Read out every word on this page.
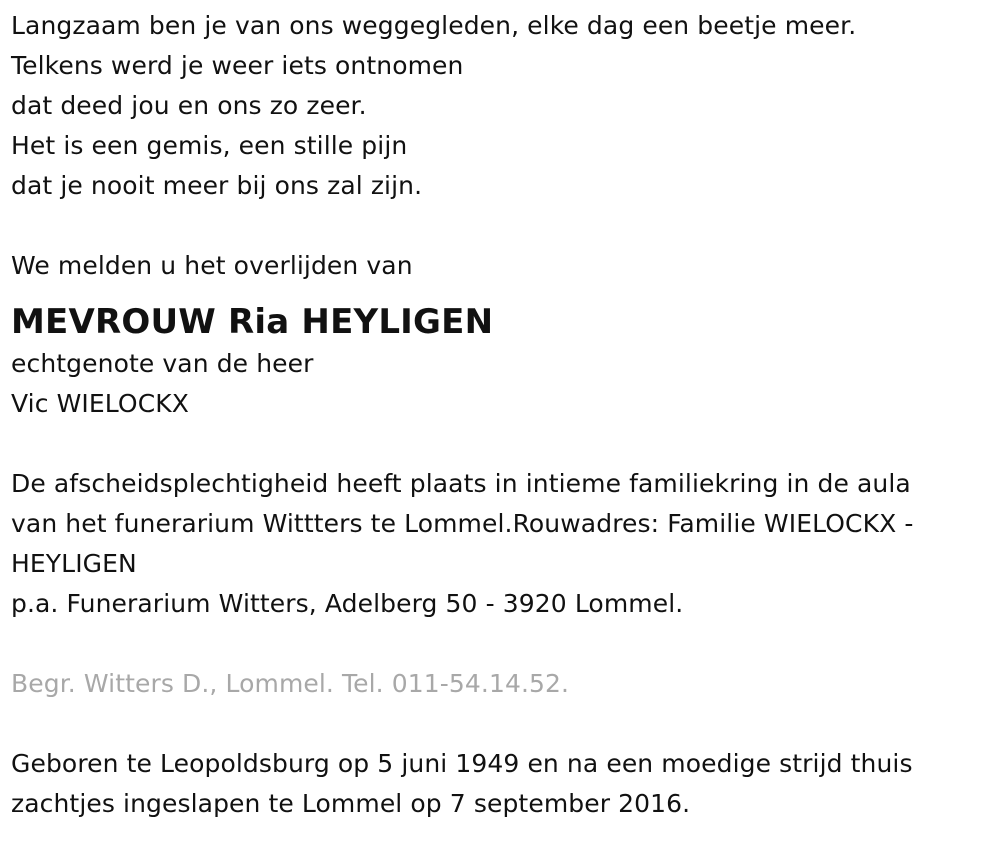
Langzaam ben je van ons weggegleden, elke dag een beetje meer.
Telkens werd je weer iets ontnomen
dat deed jou en ons zo zeer.
Het is een gemis, een stille pijn
dat je nooit meer bij ons zal zijn.
We melden u het overlijden van
MEVROUW Ria HEYLIGEN
echtgenote van de heer
Vic WIELOCKX
De afscheidsplechtigheid heeft plaats in intieme familiekring in de aula
van het funerarium Wittters te Lommel.Rouwadres: Familie WIELOCKX -
HEYLIGEN
p.a. Funerarium Witters, Adelberg 50 - 3920 Lommel.
Begr. Witters D., Lommel. Tel. 011-54.14.52.
Geboren te Leopoldsburg op 5 juni 1949 en na een moedige strijd thuis
zachtjes ingeslapen te Lommel op 7 september 2016.
